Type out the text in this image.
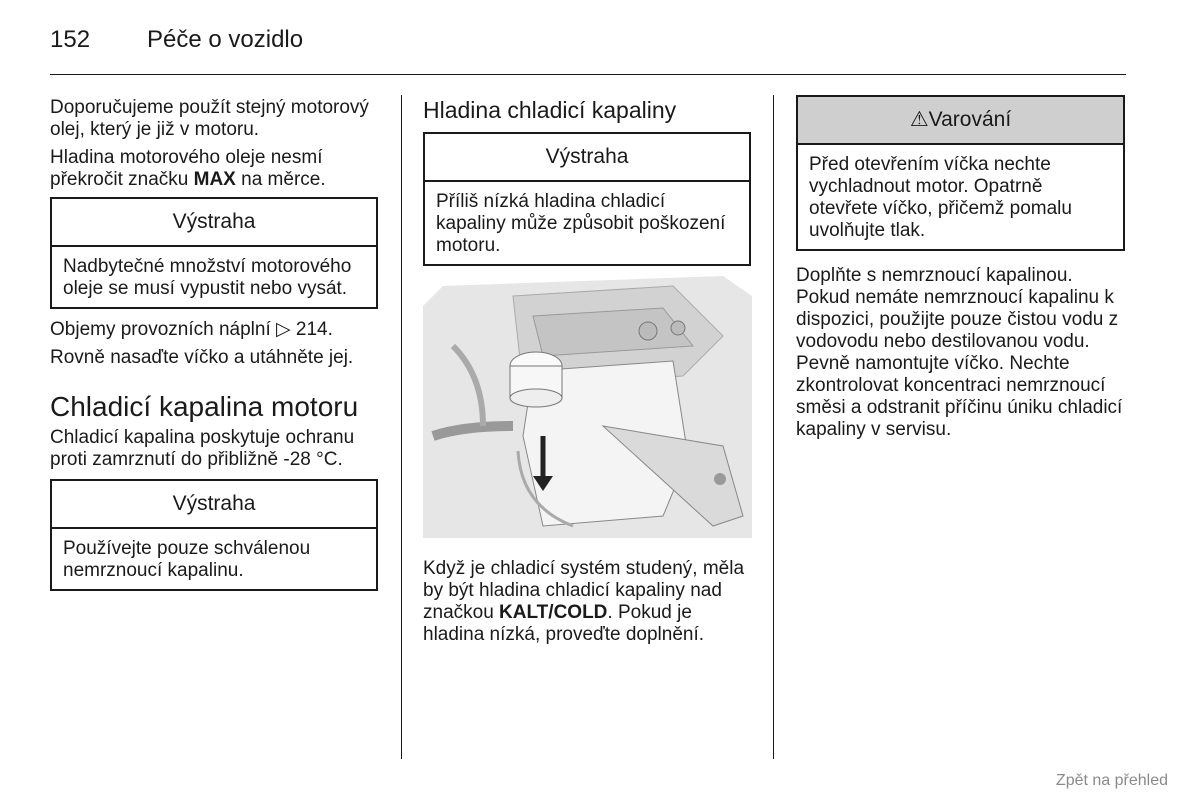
152 Péče o vozidlo

Doporučujeme použít stejný motorový olej, který je již v motoru.

Hladina motorového oleje nesmí překročit značku MAX na měrce.

Výstraha
Nadbytečné množství motorového oleje se musí vypustit nebo vysát.

Objemy provozních náplní ▷ 214.

Rovně nasaďte víčko a utáhněte jej.

Chladicí kapalina motoru

Chladicí kapalina poskytuje ochranu proti zamrznutí do přibližně -28 °C.

Výstraha
Používejte pouze schválenou nemrznoucí kapalinu.
Hladina chladicí kapaliny
Výstraha
Příliš nízká hladina chladicí kapaliny může způsobit poškození motoru.

Když je chladicí systém studený, měla by být hladina chladicí kapaliny nad značkou KALT/COLD. Pokud je hladina nízká, proveďte doplnění.

⚠Varování
Před otevřením víčka nechte vychladnout motor. Opatrně otevřete víčko, přičemž pomalu uvolňujte tlak.

Doplňte s nemrznoucí kapalinou. Pokud nemáte nemrznoucí kapalinu k dispozici, použijte pouze čistou vodu z vodovodu nebo destilovanou vodu. Pevně namontujte víčko. Nechte zkontrolovat koncentraci nemrznoucí směsi a odstranit příčinu úniku chladicí kapaliny v servisu.

Zpět na přehled
